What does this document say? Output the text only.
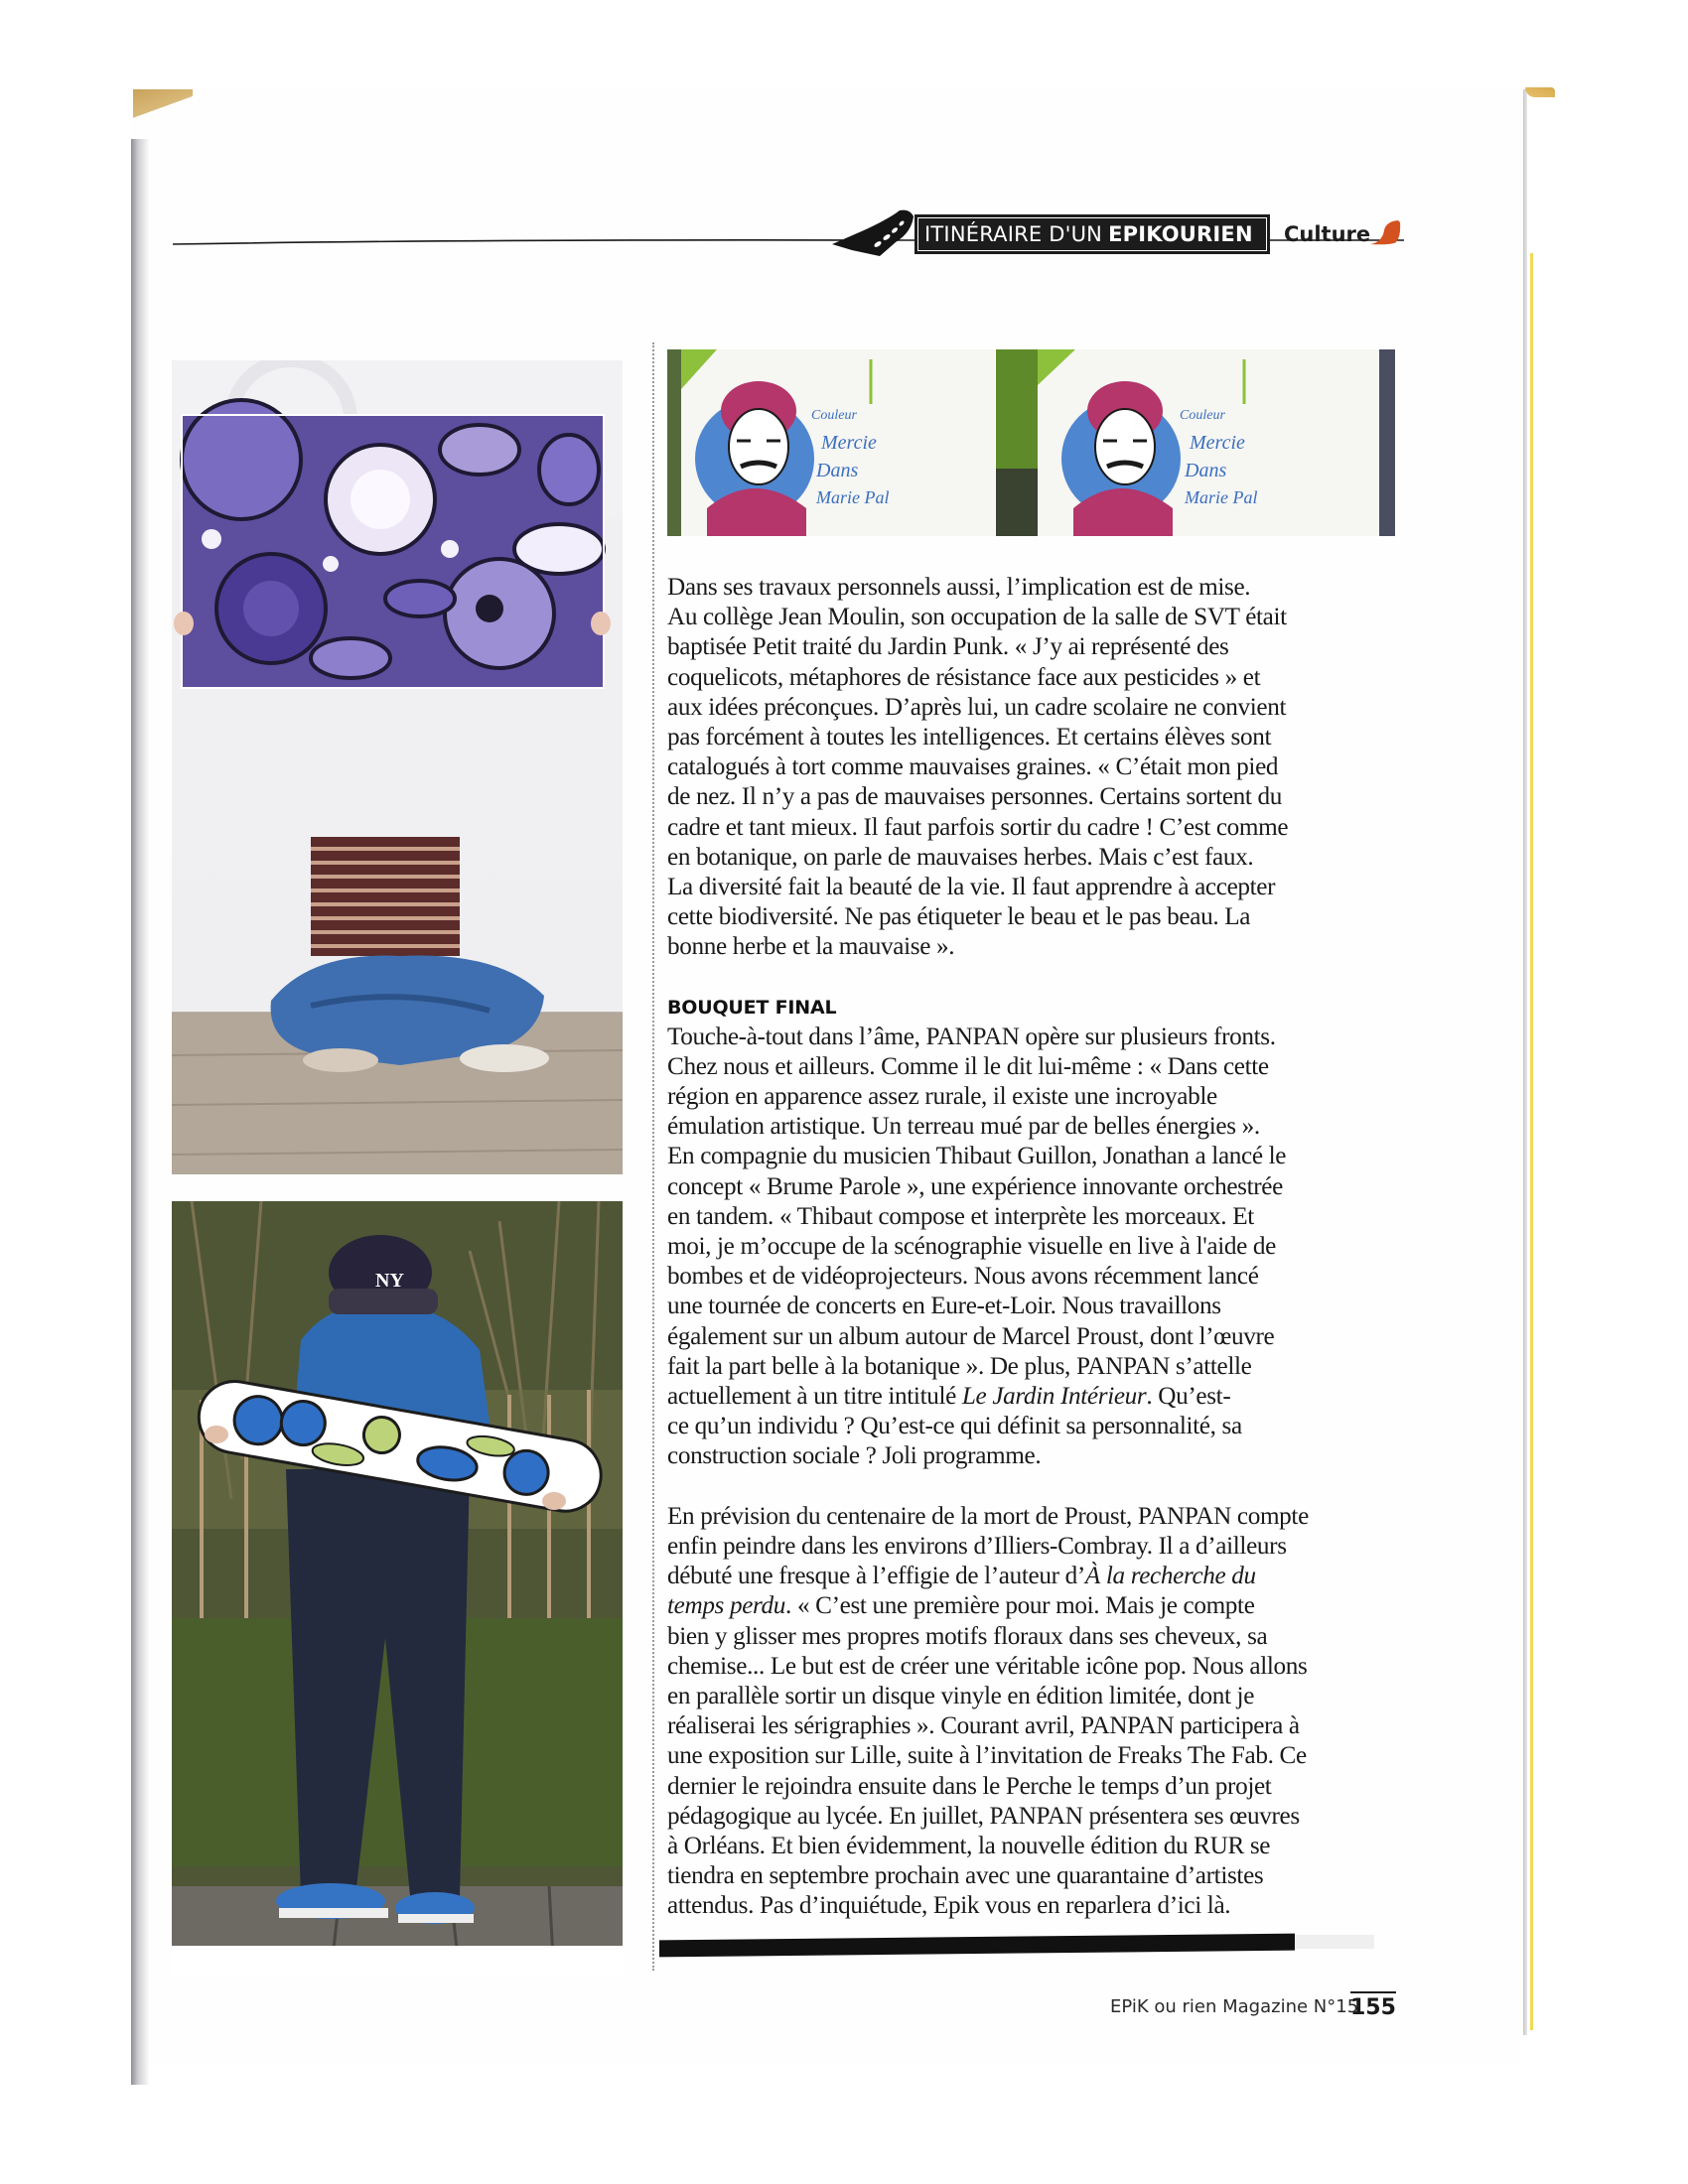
ITINÉRAIRE D'UN EPIKOURIEN Culture
NY
Couleur
Mercie
Dans
Marie Pal
Couleur
Mercie
Dans
Marie Pal

Dans ses travaux personnels aussi, l’implication est de mise.
Au collège Jean Moulin, son occupation de la salle de SVT était
baptisée Petit traité du Jardin Punk. « J’y ai représenté des
coquelicots, métaphores de résistance face aux pesticides » et
aux idées préconçues. D’après lui, un cadre scolaire ne convient
pas forcément à toutes les intelligences. Et certains élèves sont
catalogués à tort comme mauvaises graines. « C’était mon pied
de nez. Il n’y a pas de mauvaises personnes. Certains sortent du
cadre et tant mieux. Il faut parfois sortir du cadre ! C’est comme
en botanique, on parle de mauvaises herbes. Mais c’est faux.
La diversité fait la beauté de la vie. Il faut apprendre à accepter
cette biodiversité. Ne pas étiqueter le beau et le pas beau. La
bonne herbe et la mauvaise ».

BOUQUET FINAL

Touche-à-tout dans l’âme, PANPAN opère sur plusieurs fronts.
Chez nous et ailleurs. Comme il le dit lui-même : « Dans cette
région en apparence assez rurale, il existe une incroyable
émulation artistique. Un terreau mué par de belles énergies ».
En compagnie du musicien Thibaut Guillon, Jonathan a lancé le
concept « Brume Parole », une expérience innovante orchestrée
en tandem. « Thibaut compose et interprète les morceaux. Et
moi, je m’occupe de la scénographie visuelle en live à l'aide de
bombes et de vidéoprojecteurs. Nous avons récemment lancé
une tournée de concerts en Eure-et-Loir. Nous travaillons
également sur un album autour de Marcel Proust, dont l’œuvre
fait la part belle à la botanique ». De plus, PANPAN s’attelle

actuellement à un titre intitulé Le Jardin Intérieur. Qu’est-

ce qu’un individu ? Qu’est-ce qui définit sa personnalité, sa
construction sociale ? Joli programme.

En prévision du centenaire de la mort de Proust, PANPAN compte
enfin peindre dans les environs d’Illiers-Combray. Il a d’ailleurs
débuté une fresque à l’effigie de l’auteur d’À la recherche du
temps perdu. « C’est une première pour moi. Mais je compte

bien y glisser mes propres motifs floraux dans ses cheveux, sa
chemise... Le but est de créer une véritable icône pop. Nous allons
en parallèle sortir un disque vinyle en édition limitée, dont je
réaliserai les sérigraphies ». Courant avril, PANPAN participera à
une exposition sur Lille, suite à l’invitation de Freaks The Fab. Ce
dernier le rejoindra ensuite dans le Perche le temps d’un projet
pédagogique au lycée. En juillet, PANPAN présentera ses œuvres
à Orléans. Et bien évidemment, la nouvelle édition du RUR se
tiendra en septembre prochain avec une quarantaine d’artistes
attendus. Pas d’inquiétude, Epik vous en reparlera d’ici là.

EPiK ou rien Magazine N°15
155
